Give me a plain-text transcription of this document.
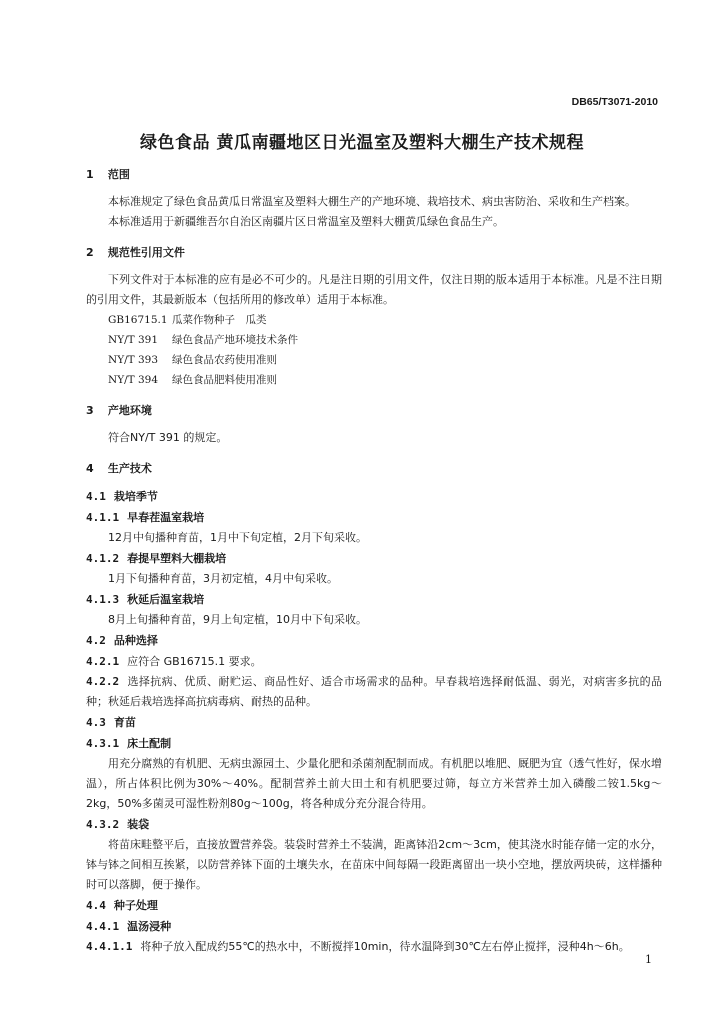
DB65/T3071-2010
绿色食品 黄瓜南疆地区日光温室及塑料大棚生产技术规程
1 范围

本标准规定了绿色食品黄瓜日常温室及塑料大棚生产的产地环境、栽培技术、病虫害防治、采收和生产档案。

本标准适用于新疆维吾尔自治区南疆片区日常温室及塑料大棚黄瓜绿色食品生产。

2 规范性引用文件

下列文件对于本标准的应有是必不可少的。凡是注日期的引用文件，仅注日期的版本适用于本标准。凡是不注日期的引用文件，其最新版本（包括所用的修改单）适用于本标准。

GB16715.1 瓜菜作物种子　瓜类
NY/T 391	绿色食品产地环境技术条件
NY/T 393	绿色食品农药使用准则
NY/T 394	绿色食品肥料使用准则
3 产地环境

符合NY/T 391 的规定。

4 生产技术
4.1 栽培季节
4.1.1 早春茬温室栽培

12月中旬播种育苗，1月中下旬定植，2月下旬采收。

4.1.2 春提早塑料大棚栽培

1月下旬播种育苗，3月初定植，4月中旬采收。

4.1.3 秋延后温室栽培

8月上旬播种育苗，9月上旬定植，10月中下旬采收。

4.2 品种选择
4.2.1 应符合 GB16715.1 要求。

4.2.2 选择抗病、优质、耐贮运、商品性好、适合市场需求的品种。早春栽培选择耐低温、弱光，对病害多抗的品种；秋延后栽培选择高抗病毒病、耐热的品种。

4.3 育苗
4.3.1 床土配制

用充分腐熟的有机肥、无病虫源园土、少量化肥和杀菌剂配制而成。有机肥以堆肥、厩肥为宜（透气性好，保水增温），所占体积比例为30%～40%。配制营养土前大田土和有机肥要过筛，每立方米营养土加入磷酸二铵1.5kg～2kg，50%多菌灵可湿性粉剂80g～100g，将各种成分充分混合待用。

4.3.2 装袋

将苗床畦整平后，直接放置营养袋。装袋时营养土不装满，距离钵沿2cm～3cm，使其浇水时能存储一定的水分，钵与钵之间相互挨紧，以防营养钵下面的土壤失水，在苗床中间每隔一段距离留出一块小空地，摆放两块砖，这样播种时可以落脚，便于操作。

4.4 种子处理
4.4.1 温汤浸种

4.4.1.1 将种子放入配成约55℃的热水中，不断搅拌10min，待水温降到30℃左右停止搅拌，浸种4h～6h。

1
